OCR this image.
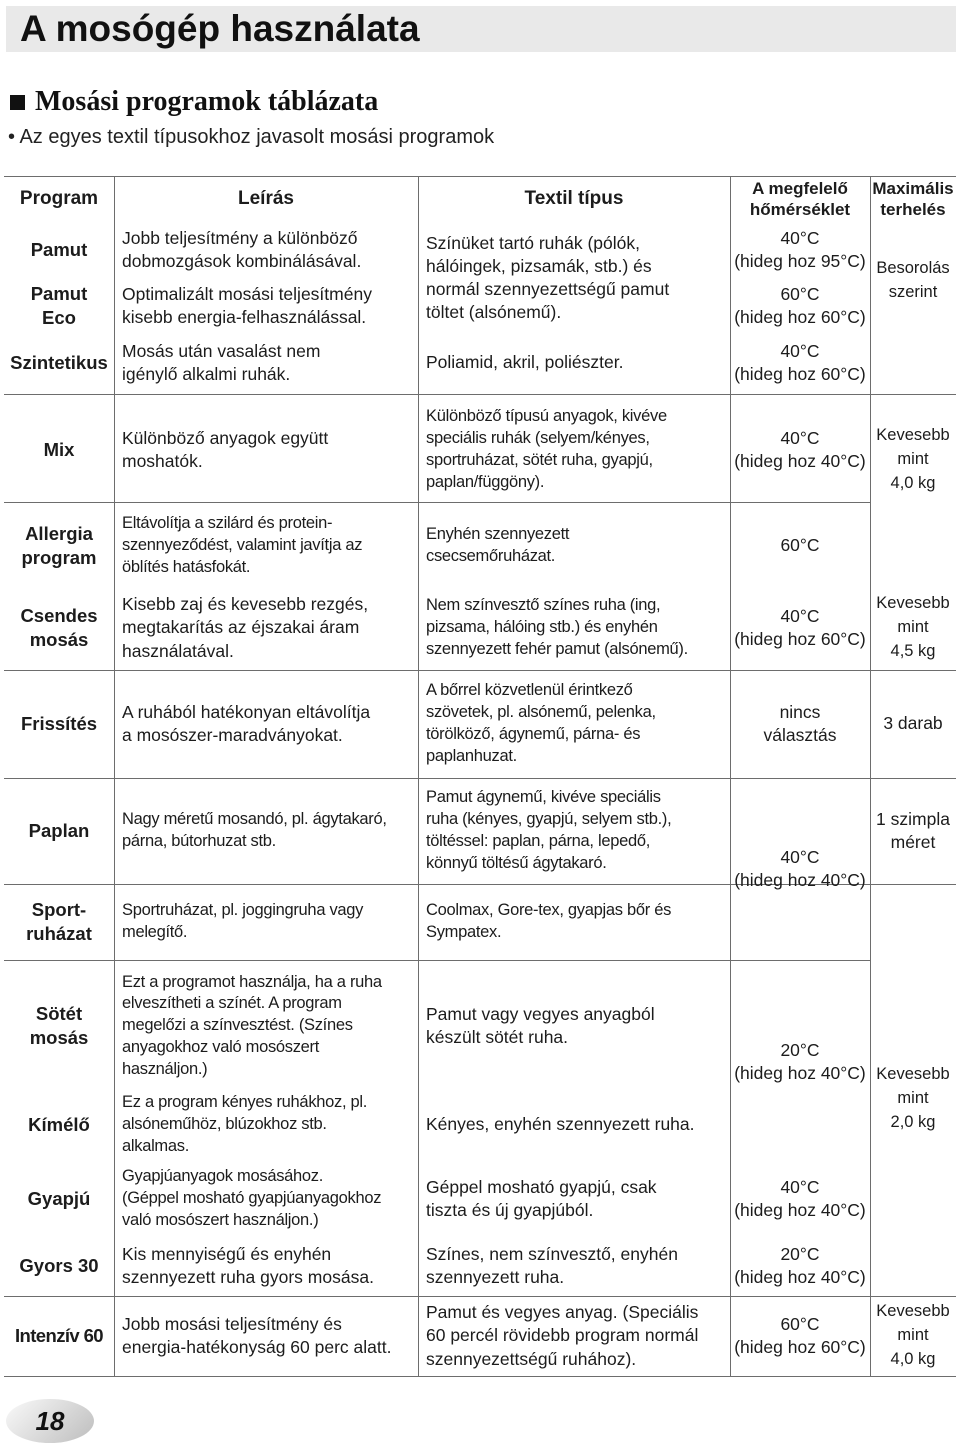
A mosógép használata
Mosási programok táblázata
• Az egyes textil típusokhoz javasolt mosási programok
Program	Leírás	Textil típus
A megfelelő
hőmérséklet
Maximális
terhelés
Pamut
Jobb teljesítmény a különböző
dobmozgások kombinálásával.
40°C
(hideg hoz 95°C)
Pamut
Eco
Optimalizált mosási teljesítmény
kisebb energia-felhasználással.
60°C
(hideg hoz 60°C)
Színüket tartó ruhák (pólók,
hálóingek, pizsamák, stb.) és
normál szennyezettségű pamut
töltet (alsónemű).
Szintetikus
Mosás után vasalást nem
igénylő alkalmi ruhák.
Poliamid, akril, poliészter.
40°C
(hideg hoz 60°C)
Besorolás
szerint
Mix
Különböző anyagok együtt
moshatók.
Különböző típusú anyagok, kivéve
speciális ruhák (selyem/kényes,
sportruházat, sötét ruha, gyapjú,
paplan/függöny).
40°C
(hideg hoz 40°C)
Kevesebb
mint
4,0 kg
Allergia
program
Eltávolítja a szilárd és protein-
szennyeződést, valamint javítja az
öblítés hatásfokát.
Enyhén szennyezett
csecsemőruházat.
60°C
Csendes
mosás
Kisebb zaj és kevesebb rezgés,
megtakarítás az éjszakai áram
használatával.
Nem színvesztő színes ruha (ing,
pizsama, hálóing stb.) és enyhén
szennyezett fehér pamut (alsónemű).
40°C
(hideg hoz 60°C)
Kevesebb
mint
4,5 kg
Frissítés
A ruhából hatékonyan eltávolítja
a mosószer-maradványokat.
A bőrrel közvetlenül érintkező
szövetek, pl. alsónemű, pelenka,
törölköző, ágynemű, párna- és
paplanhuzat.
nincs
választás
3 darab
Paplan
Nagy méretű mosandó, pl. ágytakaró,
párna, bútorhuzat stb.
Pamut ágynemű, kivéve speciális
ruha (kényes, gyapjú, selyem stb.),
töltéssel: paplan, párna, lepedő,
könnyű töltésű ágytakaró.
1 szimpla
méret
Sport-
ruházat
Sportruházat, pl. joggingruha vagy
melegítő.
Coolmax, Gore-tex, gyapjas bőr és
Sympatex.
40°C
(hideg hoz 40°C)
Sötét
mosás
Ezt a programot használja, ha a ruha
elveszítheti a színét. A program
megelőzi a színvesztést. (Színes
anyagokhoz való mosószert
használjon.)
Pamut vagy vegyes anyagból
készült sötét ruha.
Kímélő
Ez a program kényes ruhákhoz, pl.
alsóneműhöz, blúzokhoz stb.
alkalmas.
Kényes, enyhén szennyezett ruha.
20°C
(hideg hoz 40°C)
Gyapjú
Gyapjúanyagok mosásához.
(Géppel mosható gyapjúanyagokhoz
való mosószert használjon.)
Géppel mosható gyapjú, csak
tiszta és új gyapjúból.
40°C
(hideg hoz 40°C)
Kevesebb
mint
2,0 kg
Gyors 30
Kis mennyiségű és enyhén
szennyezett ruha gyors mosása.
Színes, nem színvesztő, enyhén
szennyezett ruha.
20°C
(hideg hoz 40°C)
Intenzív 60
Jobb mosási teljesítmény és
energia-hatékonyság 60 perc alatt.
Pamut és vegyes anyag. (Speciális
60 percél rövidebb program normál
szennyezettségű ruhához).
60°C
(hideg hoz 60°C)
Kevesebb
mint
4,0 kg
18
